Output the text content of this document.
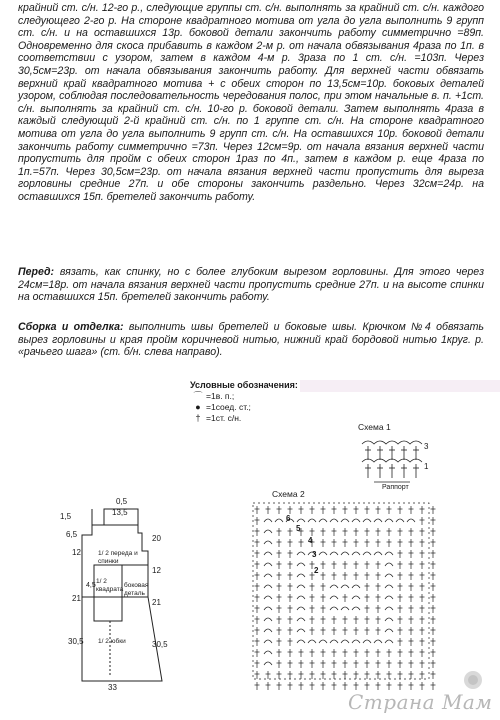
крайний ст. с/н. 12-го р., следующие группы ст. с/н. выполнять за крайний ст. с/н. каждого следующего 2-го р. На стороне квадратного мотива от угла до угла выполнить 9 групп ст. с/н. и на оставшихся 13р. боковой детали закончить работу симметрично =89п. Одновременно для скоса прибавить в каждом 2-м р. от начала обвязывания 4раза по 1п. в соответствии с узором, затем в каждом 4-м р. 3раза по 1 ст. с/н. =103п. Через 30,5см=23р. от начала обвязывания закончить работу. Для верхней части обвязать верхний край квадратного мотива + с обеих сторон по 13,5см=10р. боковых деталей узором, соблюдая последовательность чередования полос, при этом начальные в. п. +1ст. с/н. выполнять за крайний ст. с/н. 10-го р. боковой детали. Затем выполнять 4раза в каждый следующий 2-й крайний ст. с/н. по 1 группе ст. с/н. На стороне квадратного мотива от угла до угла выполнить 9 групп ст. с/н. На оставшихся 10р. боковой детали закончить работу симметрично =73п. Через 12см=9р. от начала вязания верхней части пропустить для пройм с обеих сторон 1раз по 4п., затем в каждом р. еще 4раза по 1п.=57п. Через 30,5см=23р. от начала вязания верхней части пропустить для выреза горловины средние 27п. и обе стороны закончить раздельно. Через 32см=24р. на оставшихся 15п. бретелей закончить работу.

Перед: вязать, как спинку, но с более глубоким вырезом горловины. Для этого через 24см=18р. от начала вязания верхней части пропустить средние 27п. и на высоте спинки на оставшихся 15п. бретелей закончить работу.

Сборка и отделка: выполнить швы бретелей и боковые швы. Крючком №4 обвязать вырез горловины и края пройм коричневой нитью, нижний край бордовой нитью 1круг. р. «рачьего шага» (ст. б/н. слева направо).

Условные обозначения:
⌒ =1в. п.;
● =1соед. ст.;
† =1ст. с/н.
Схема 1
3
1
Раппорт
Схема 2
6
5
4
3
2
1,5
6,5
12
21
30,5
0,5
13,5
20
12
21
30,5
4,5
1/ 2 переда и спинки
1/ 2 квадрата
боковая деталь
1/ 2 юбки
33
Страна Мам
